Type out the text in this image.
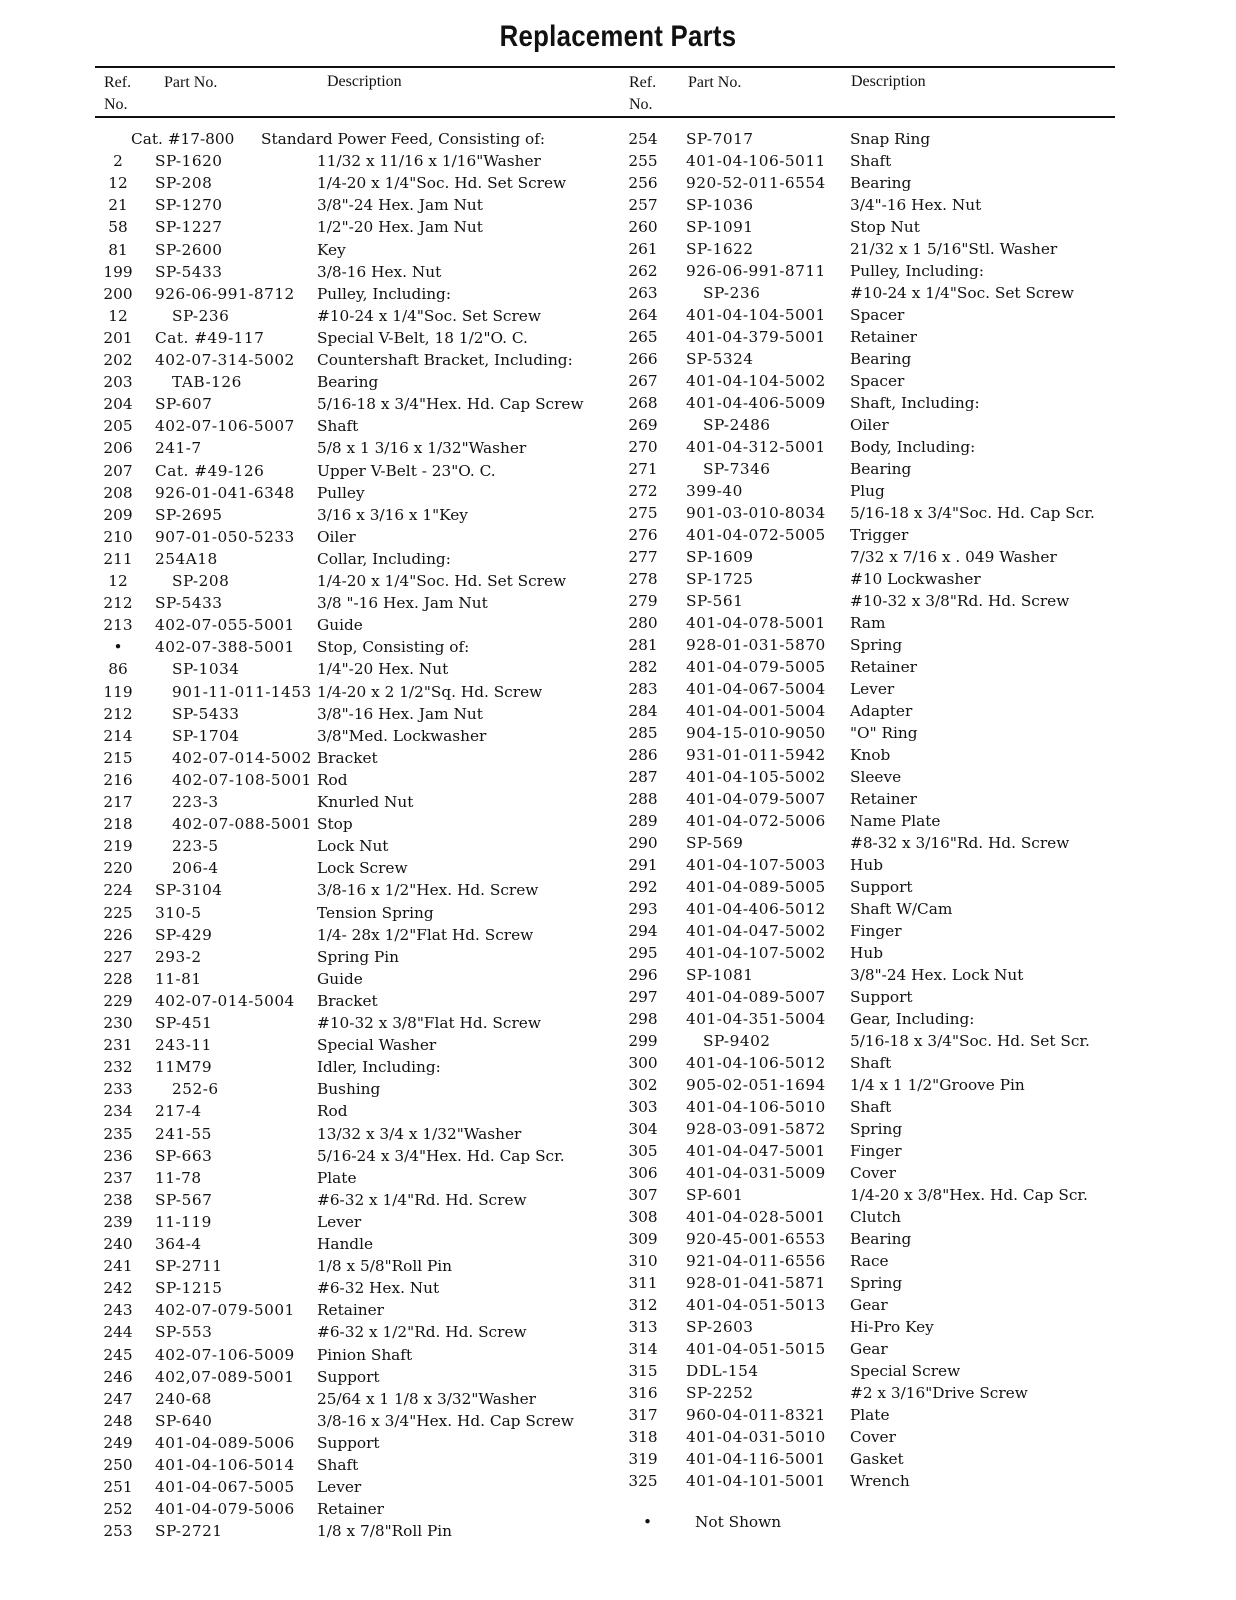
Replacement Parts
Ref.
No.
Part No.	Description	Ref.
No.
Part No.	Description
Cat. #17-800 Standard Power Feed, Consisting of:
2	SP-1620	11/32 x 11/16 x 1/16"Washer
12	SP-208	1/4-20 x 1/4"Soc. Hd. Set Screw
21	SP-1270	3/8"-24 Hex. Jam Nut
58	SP-1227	1/2"-20 Hex. Jam Nut
81	SP-2600	Key
199	SP-5433	3/8-16 Hex. Nut
200	926-06-991-8712 Pulley, Including:
12	SP-236	#10-24 x 1/4"Soc. Set Screw
201	Cat. #49-117	Special V-Belt, 18 1/2"O. C.
202	402-07-314-5002 Countershaft Bracket, Including:
203	TAB-126	Bearing
204	SP-607	5/16-18 x 3/4"Hex. Hd. Cap Screw
205	402-07-106-5007 Shaft
206	241-7	5/8 x 1 3/16 x 1/32"Washer
207	Cat. #49-126	Upper V-Belt - 23"O. C.
208	926-01-041-6348 Pulley
209	SP-2695	3/16 x 3/16 x 1"Key
210	907-01-050-5233 Oiler
211	254A18	Collar, Including:
12	SP-208	1/4-20 x 1/4"Soc. Hd. Set Screw
212	SP-5433	3/8 "-16 Hex. Jam Nut
213	402-07-055-5001 Guide
•	402-07-388-5001 Stop, Consisting of:
86	SP-1034	1/4"-20 Hex. Nut
119	901-11-011-1453 1/4-20 x 2 1/2"Sq. Hd. Screw
212	SP-5433	3/8"-16 Hex. Jam Nut
214	SP-1704	3/8"Med. Lockwasher
215	402-07-014-5002 Bracket
216	402-07-108-5001 Rod
217	223-3	Knurled Nut
218	402-07-088-5001 Stop
219	223-5	Lock Nut
220	206-4	Lock Screw
224	SP-3104	3/8-16 x 1/2"Hex. Hd. Screw
225	310-5	Tension Spring
226	SP-429	1/4- 28x 1/2"Flat Hd. Screw
227	293-2	Spring Pin
228	11-81	Guide
229	402-07-014-5004 Bracket
230	SP-451	#10-32 x 3/8"Flat Hd. Screw
231	243-11	Special Washer
232	11M79	Idler, Including:
233	252-6	Bushing
234	217-4	Rod
235	241-55	13/32 x 3/4 x 1/32"Washer
236	SP-663	5/16-24 x 3/4"Hex. Hd. Cap Scr.
237	11-78	Plate
238	SP-567	#6-32 x 1/4"Rd. Hd. Screw
239	11-119	Lever
240	364-4	Handle
241	SP-2711	1/8 x 5/8"Roll Pin
242	SP-1215	#6-32 Hex. Nut
243	402-07-079-5001 Retainer
244	SP-553	#6-32 x 1/2"Rd. Hd. Screw
245	402-07-106-5009 Pinion Shaft
246	402,07-089-5001 Support
247	240-68	25/64 x 1 1/8 x 3/32"Washer
248	SP-640	3/8-16 x 3/4"Hex. Hd. Cap Screw
249	401-04-089-5006 Support
250	401-04-106-5014 Shaft
251	401-04-067-5005 Lever
252	401-04-079-5006 Retainer
253	SP-2721	1/8 x 7/8"Roll Pin
254	SP-7017	Snap Ring
255	401-04-106-5011 Shaft
256	920-52-011-6554 Bearing
257	SP-1036	3/4"-16 Hex. Nut
260	SP-1091	Stop Nut
261	SP-1622	21/32 x 1 5/16"Stl. Washer
262	926-06-991-8711 Pulley, Including:
263	SP-236	#10-24 x 1/4"Soc. Set Screw
264	401-04-104-5001 Spacer
265	401-04-379-5001 Retainer
266	SP-5324	Bearing
267	401-04-104-5002 Spacer
268	401-04-406-5009 Shaft, Including:
269	SP-2486	Oiler
270	401-04-312-5001 Body, Including:
271	SP-7346	Bearing
272	399-40	Plug
275	901-03-010-8034 5/16-18 x 3/4"Soc. Hd. Cap Scr.
276	401-04-072-5005 Trigger
277	SP-1609	7/32 x 7/16 x . 049 Washer
278	SP-1725	#10 Lockwasher
279	SP-561	#10-32 x 3/8"Rd. Hd. Screw
280	401-04-078-5001 Ram
281	928-01-031-5870 Spring
282	401-04-079-5005 Retainer
283	401-04-067-5004 Lever
284	401-04-001-5004 Adapter
285	904-15-010-9050 "O" Ring
286	931-01-011-5942 Knob
287	401-04-105-5002 Sleeve
288	401-04-079-5007 Retainer
289	401-04-072-5006 Name Plate
290	SP-569	#8-32 x 3/16"Rd. Hd. Screw
291	401-04-107-5003 Hub
292	401-04-089-5005 Support
293	401-04-406-5012 Shaft W/Cam
294	401-04-047-5002 Finger
295	401-04-107-5002 Hub
296	SP-1081	3/8"-24 Hex. Lock Nut
297	401-04-089-5007 Support
298	401-04-351-5004 Gear, Including:
299	SP-9402	5/16-18 x 3/4"Soc. Hd. Set Scr.
300	401-04-106-5012 Shaft
302	905-02-051-1694 1/4 x 1 1/2"Groove Pin
303	401-04-106-5010 Shaft
304	928-03-091-5872 Spring
305	401-04-047-5001 Finger
306	401-04-031-5009 Cover
307	SP-601	1/4-20 x 3/8"Hex. Hd. Cap Scr.
308	401-04-028-5001 Clutch
309	920-45-001-6553 Bearing
310	921-04-011-6556 Race
311	928-01-041-5871 Spring
312	401-04-051-5013 Gear
313	SP-2603	Hi-Pro Key
314	401-04-051-5015 Gear
315	DDL-154	Special Screw
316	SP-2252	#2 x 3/16"Drive Screw
317	960-04-011-8321 Plate
318	401-04-031-5010 Cover
319	401-04-116-5001 Gasket
325	401-04-101-5001 Wrench
•	Not Shown
